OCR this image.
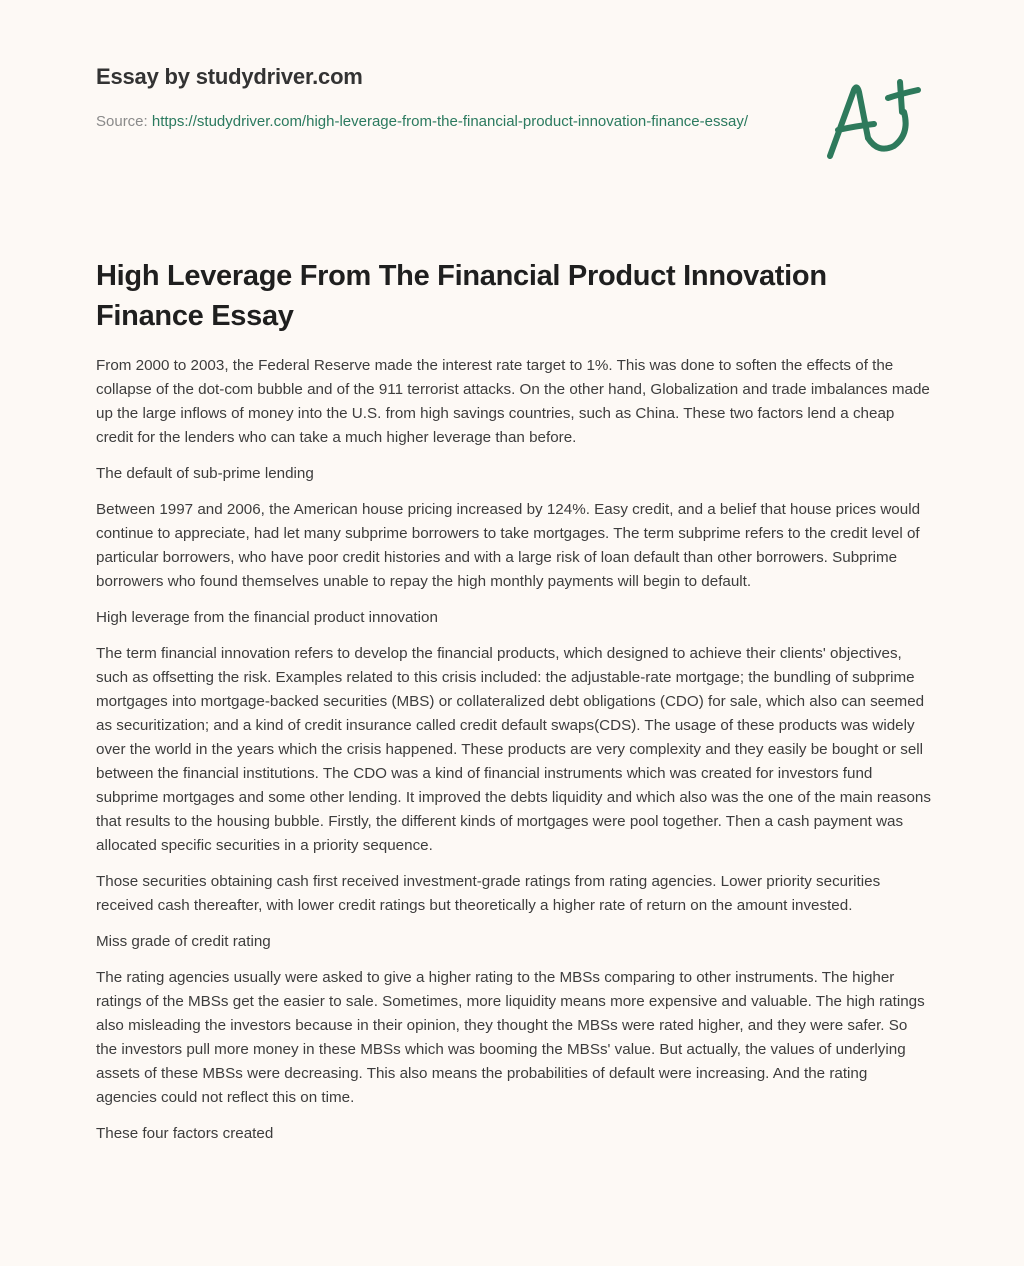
Essay by studydriver.com
Source: https://studydriver.com/high-leverage-from-the-financial-product-innovation-finance-essay/
High Leverage From The Financial Product Innovation Finance Essay

From 2000 to 2003, the Federal Reserve made the interest rate target to 1%. This was done to soften the effects of the collapse of the dot-com bubble and of the 911 terrorist attacks. On the other hand, Globalization and trade imbalances made up the large inflows of money into the U.S. from high savings countries, such as China. These two factors lend a cheap credit for the lenders who can take a much higher leverage than before.

The default of sub-prime lending

Between 1997 and 2006, the American house pricing increased by 124%. Easy credit, and a belief that house prices would continue to appreciate, had let many subprime borrowers to take mortgages. The term subprime refers to the credit level of particular borrowers, who have poor credit histories and with a large risk of loan default than other borrowers. Subprime borrowers who found themselves unable to repay the high monthly payments will begin to default.

High leverage from the financial product innovation

The term financial innovation refers to develop the financial products, which designed to achieve their clients' objectives, such as offsetting the risk. Examples related to this crisis included: the adjustable-rate mortgage; the bundling of subprime mortgages into mortgage-backed securities (MBS) or collateralized debt obligations (CDO) for sale, which also can seemed as securitization; and a kind of credit insurance called credit default swaps(CDS). The usage of these products was widely over the world in the years which the crisis happened. These products are very complexity and they easily be bought or sell between the financial institutions. The CDO was a kind of financial instruments which was created for investors fund subprime mortgages and some other lending. It improved the debts liquidity and which also was the one of the main reasons that results to the housing bubble. Firstly, the different kinds of mortgages were pool together. Then a cash payment was allocated specific securities in a priority sequence.

Those securities obtaining cash first received investment-grade ratings from rating agencies. Lower priority securities received cash thereafter, with lower credit ratings but theoretically a higher rate of return on the amount invested.

Miss grade of credit rating

The rating agencies usually were asked to give a higher rating to the MBSs comparing to other instruments. The higher ratings of the MBSs get the easier to sale. Sometimes, more liquidity means more expensive and valuable. The high ratings also misleading the investors because in their opinion, they thought the MBSs were rated higher, and they were safer. So the investors pull more money in these MBSs which was booming the MBSs' value. But actually, the values of underlying assets of these MBSs were decreasing. This also means the probabilities of default were increasing. And the rating agencies could not reflect this on time.

These four factors created
